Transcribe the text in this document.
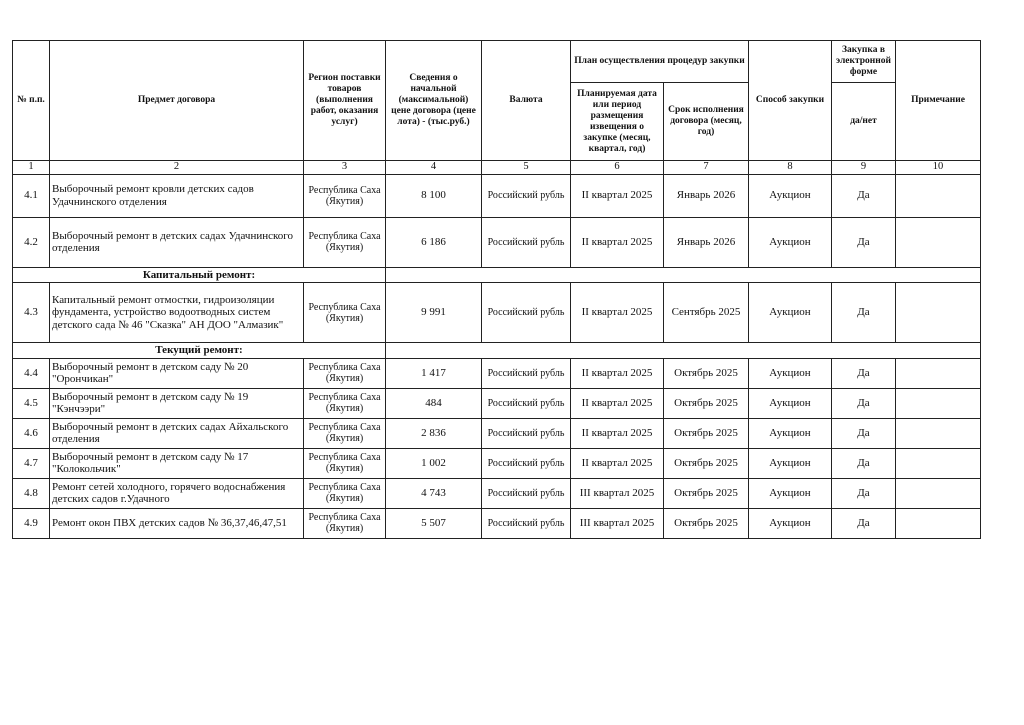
№ п.п.	Предмет договора	Регион поставки товаров (выполнения работ, оказания услуг)	Сведения о начальной (максимальной) цене договора (цене лота) - (тыс.руб.)	Валюта	План осуществления процедур закупки		Способ закупки	Закупка в электронной форме	Примечание
					Планируемая дата или период размещения извещения о закупке (месяц, квартал, год)	Срок исполнения договора (месяц, год)		да/нет	
1	2	3	4	5	6	7	8	9	10
4.1	Выборочный ремонт кровли детских садов Удачнинского отделения	Республика Саха (Якутия)	8 100	Российский рубль	II квартал 2025	Январь 2026	Аукцион	Да	
4.2	Выборочный ремонт в детских садах Удачнинского отделения	Республика Саха (Якутия)	6 186	Российский рубль	II квартал 2025	Январь 2026	Аукцион	Да	
Капитальный ремонт:									
4.3	Капитальный ремонт отмостки, гидроизоляции фундамента, устройство водоотводных систем детского сада № 46 "Сказка" АН ДОО "Алмазик"	Республика Саха (Якутия)	9 991	Российский рубль	II квартал 2025	Сентябрь 2025	Аукцион	Да	
Текущий ремонт:									
4.4	Выборочный ремонт в детском саду № 20 "Орончикан"	Республика Саха (Якутия)	1 417	Российский рубль	II квартал 2025	Октябрь 2025	Аукцион	Да	
4.5	Выборочный ремонт в детском саду № 19 "Кэнчээри"	Республика Саха (Якутия)	484	Российский рубль	II квартал 2025	Октябрь 2025	Аукцион	Да	
4.6	Выборочный ремонт в детских садах Айхальского отделения	Республика Саха (Якутия)	2 836	Российский рубль	II квартал 2025	Октябрь 2025	Аукцион	Да	
4.7	Выборочный ремонт в детском саду № 17 "Колокольчик"	Республика Саха (Якутия)	1 002	Российский рубль	II квартал 2025	Октябрь 2025	Аукцион	Да	
4.8	Ремонт сетей холодного, горячего водоснабжения детских садов г.Удачного	Республика Саха (Якутия)	4 743	Российский рубль	III квартал 2025	Октябрь 2025	Аукцион	Да	
4.9	Ремонт окон ПВХ детских садов № 36,37,46,47,51	Республика Саха (Якутия)	5 507	Российский рубль	III квартал 2025	Октябрь 2025	Аукцион	Да	
